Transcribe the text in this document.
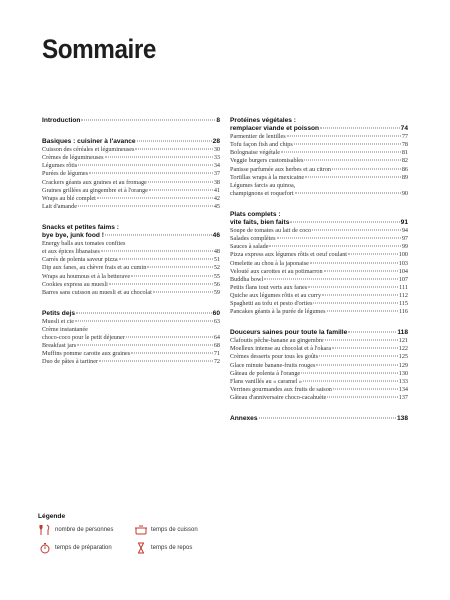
Sommaire
Introduction	8
Basiques : cuisiner à l'avance	28
Cuisson des céréales et légumineuses	30
Crèmes de légumineuses	33
Légumes rôtis	34
Purées de légumes	37
Crackers géants aux graines et au fromage	38
Graines grillées au gingembre et à l'orange	41
Wraps au blé complet	42
Lait d'amande	45
Snacks et petites faims :
bye bye, junk food !	46
Energy balls aux tomates confites
et aux épices libanaises	48
Carrés de polenta saveur pizza	51
Dip aux fanes, au chèvre frais et au cumin	52
Wraps au houmous et à la betterave	55
Cookies express au muesli	56
Barres sans cuisson au muesli et au chocolat	59
Petits dejs	60
Muesli et cie	63
Crème instantanée
choco-coco pour le petit déjeuner	64
Breakfast jars	68
Muffins pomme carotte aux graines	71
Duo de pâtes à tartiner	72
Protéines végétales :
remplacer viande et poisson	74
Parmentier de lentilles	77
Tofu façon fish and chips	78
Bolognaise végétale	81
Veggie burgers customisables	82
Panisse parfumée aux herbes et au citron	86
Tortillas wraps à la mexicaine	89
Légumes farcis au quinoa,
champignons et roquefort	90
Plats complets :
vite faits, bien faits	91
Soupe de tomates au lait de coco	94
Salades complètes	97
Sauces à salade	99
Pizza express aux légumes rôtis et oeuf coulant	100
Omelette au chou à la japonaise	103
Velouté aux carottes et au potimarron	104
Buddha bowl	107
Petits flans tout verts aux fanes	111
Quiche aux légumes rôtis et au curry	112
Spaghetti au tofu et pesto d'orties	115
Pancakes géants à la purée de légumes	116
Douceurs saines pour toute la famille	118
Clafoutis pêche-banane au gingembre	121
Moelleux intense au chocolat et à l'okara	122
Crèmes desserts pour tous les goûts	125
Glace minute banane-fruits rouges	129
Gâteau de polenta à l'orange	130
Flans vanillés au « caramel »	133
Verrines gourmandes aux fruits de saison	134
Gâteau d'anniversaire choco-cacahuète	137
Annexes	138
Légende
nombre de personnes	temps de cuisson
temps de préparation	temps de repos
